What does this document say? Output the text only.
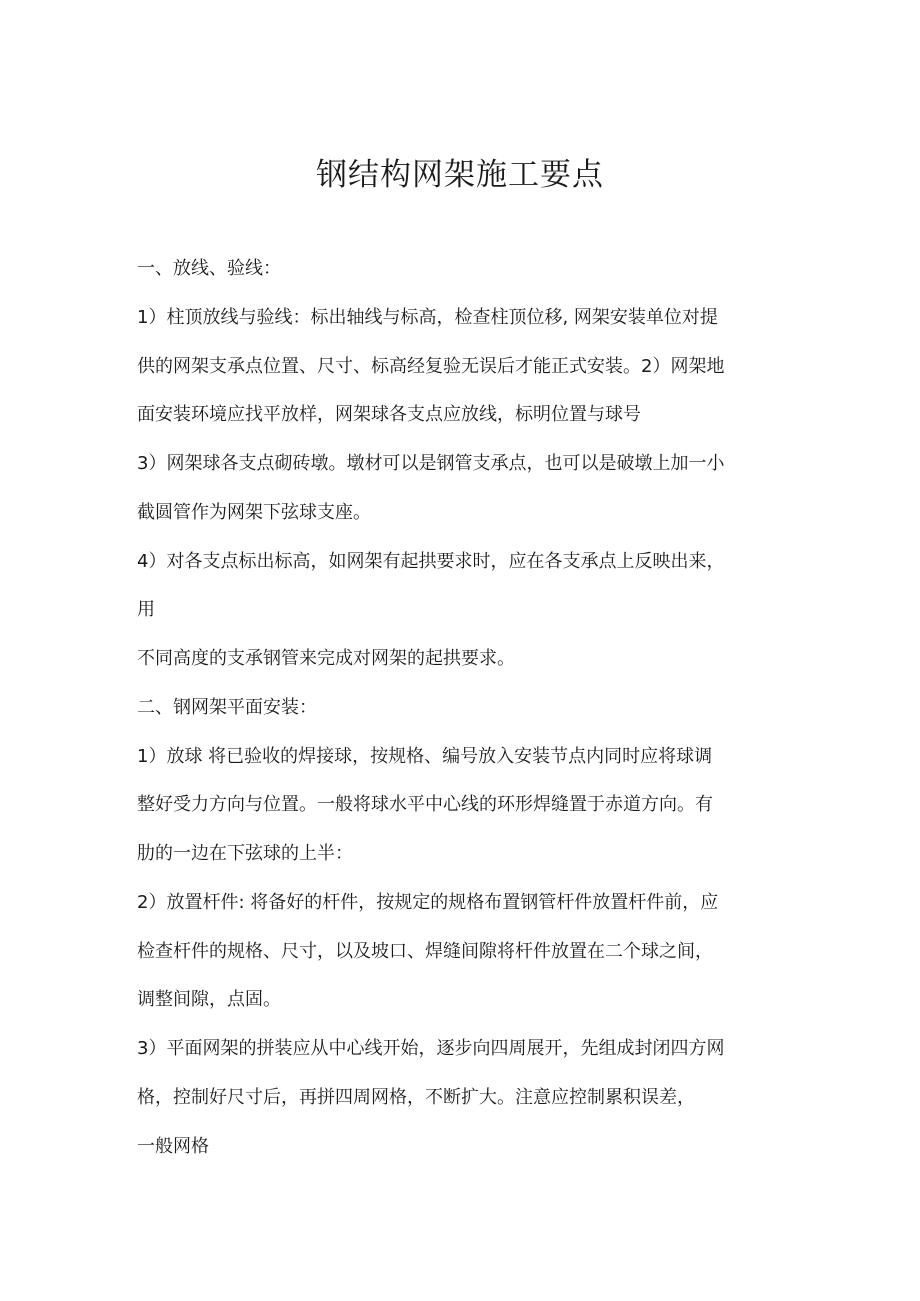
钢结构网架施工要点

一、放线、验线：

1）柱顶放线与验线：标出轴线与标高，检查柱顶位移, 网架安装单位对提

供的网架支承点位置、尺寸、标高经复验无误后才能正式安装。2）网架地

面安装环境应找平放样，网架球各支点应放线，标明位置与球号

3）网架球各支点砌砖墩。墩材可以是钢管支承点，也可以是破墩上加一小

截圆管作为网架下弦球支座。

4）对各支点标出标高，如网架有起拱要求时，应在各支承点上反映出来，

用

不同高度的支承钢管来完成对网架的起拱要求。

二、钢网架平面安装：

1）放球 将已验收的焊接球，按规格、编号放入安装节点内同时应将球调

整好受力方向与位置。一般将球水平中心线的环形焊缝置于赤道方向。有

肋的一边在下弦球的上半：

2）放置杆件: 将备好的杆件，按规定的规格布置钢管杆件放置杆件前，应

检查杆件的规格、尺寸，以及坡口、焊缝间隙将杆件放置在二个球之间，

调整间隙，点固。

3）平面网架的拼装应从中心线开始，逐步向四周展开，先组成封闭四方网

格，控制好尺寸后，再拼四周网格，不断扩大。注意应控制累积误差，

一般网格
